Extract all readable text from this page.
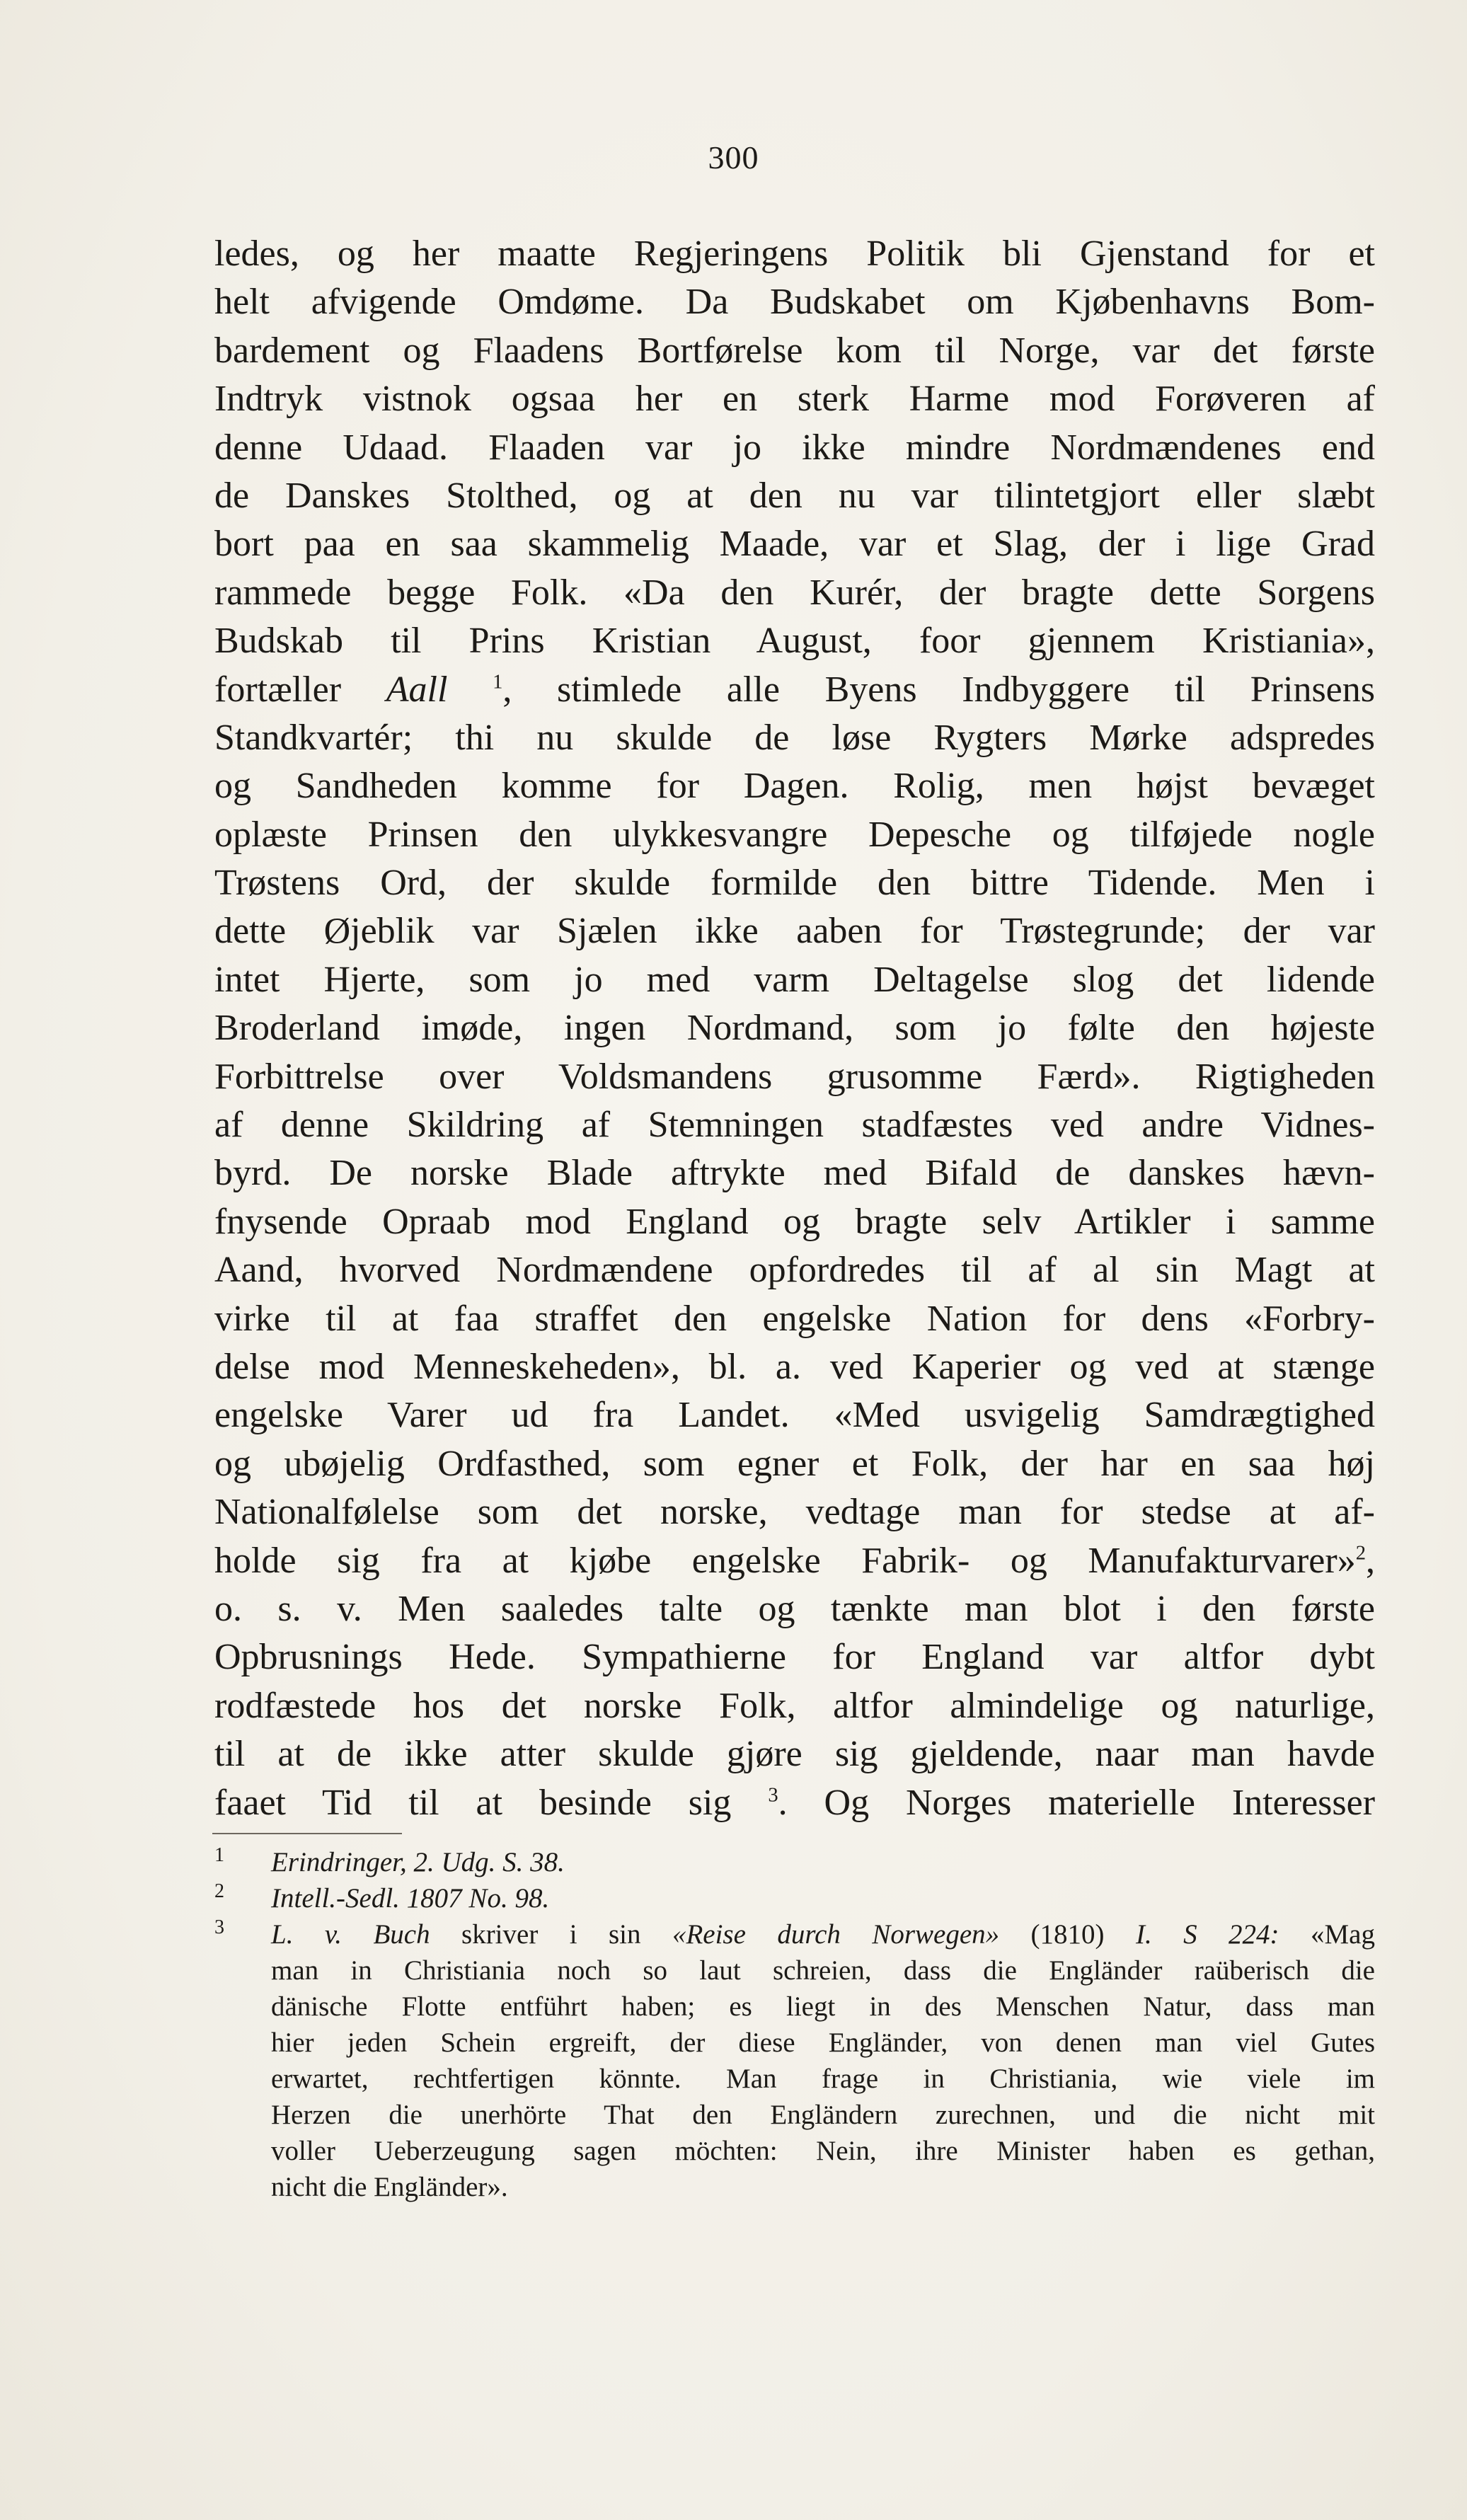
300
ledes, og her maatte Regjeringens Politik bli Gjenstand for et
helt afvigende Omdøme. Da Budskabet om Kjøbenhavns Bom-
bardement og Flaadens Bortførelse kom til Norge, var det første
Indtryk vistnok ogsaa her en sterk Harme mod Forøveren af
denne Udaad. Flaaden var jo ikke mindre Nordmændenes end
de Danskes Stolthed, og at den nu var tilintetgjort eller slæbt
bort paa en saa skammelig Maade, var et Slag, der i lige Grad
rammede begge Folk. «Da den Kurér, der bragte dette Sorgens
Budskab til Prins Kristian August, foor gjennem Kristiania»,
fortæller Aall $^1$, stimlede alle Byens Indbyggere til Prinsens
Standkvartér; thi nu skulde de løse Rygters Mørke adspredes
og Sandheden komme for Dagen. Rolig, men højst bevæget
oplæste Prinsen den ulykkesvangre Depesche og tilføjede nogle
Trøstens Ord, der skulde formilde den bittre Tidende. Men i
dette Øjeblik var Sjælen ikke aaben for Trøstegrunde; der var
intet Hjerte, som jo med varm Deltagelse slog det lidende
Broderland imøde, ingen Nordmand, som jo følte den højeste
Forbittrelse over Voldsmandens grusomme Færd». Rigtigheden
af denne Skildring af Stemningen stadfæstes ved andre Vidnes-
byrd. De norske Blade aftrykte med Bifald de danskes hævn-
fnysende Opraab mod England og bragte selv Artikler i samme
Aand, hvorved Nordmændene opfordredes til af al sin Magt at
virke til at faa straffet den engelske Nation for dens «Forbry-
delse mod Menneskeheden», bl. a. ved Kaperier og ved at stænge
engelske Varer ud fra Landet. «Med usvigelig Samdrægtighed
og ubøjelig Ordfasthed, som egner et Folk, der har en saa høj
Nationalfølelse som det norske, vedtage man for stedse at af-
holde sig fra at kjøbe engelske Fabrik- og Manufakturvarer»$^2$,
o. s. v. Men saaledes talte og tænkte man blot i den første
Opbrusnings Hede. Sympathierne for England var altfor dybt
rodfæstede hos det norske Folk, altfor almindelige og naturlige,
til at de ikke atter skulde gjøre sig gjeldende, naar man havde
faaet Tid til at besinde sig $^3$. Og Norges materielle Interesser
1 Erindringer, 2. Udg. S. 38.
2 Intell.-Sedl. 1807 No. 98.
3 L. v. Buch skriver i sin «Reise durch Norwegen» (1810) I. S 224: «Mag
man in Christiania noch so laut schreien, dass die Engländer raüberisch die
dänische Flotte entführt haben; es liegt in des Menschen Natur, dass man
hier jeden Schein ergreift, der diese Engländer, von denen man viel Gutes
erwartet, rechtfertigen könnte. Man frage in Christiania, wie viele im
Herzen die unerhörte That den Engländern zurechnen, und die nicht mit
voller Ueberzeugung sagen möchten: Nein, ihre Minister haben es gethan,
nicht die Engländer».
